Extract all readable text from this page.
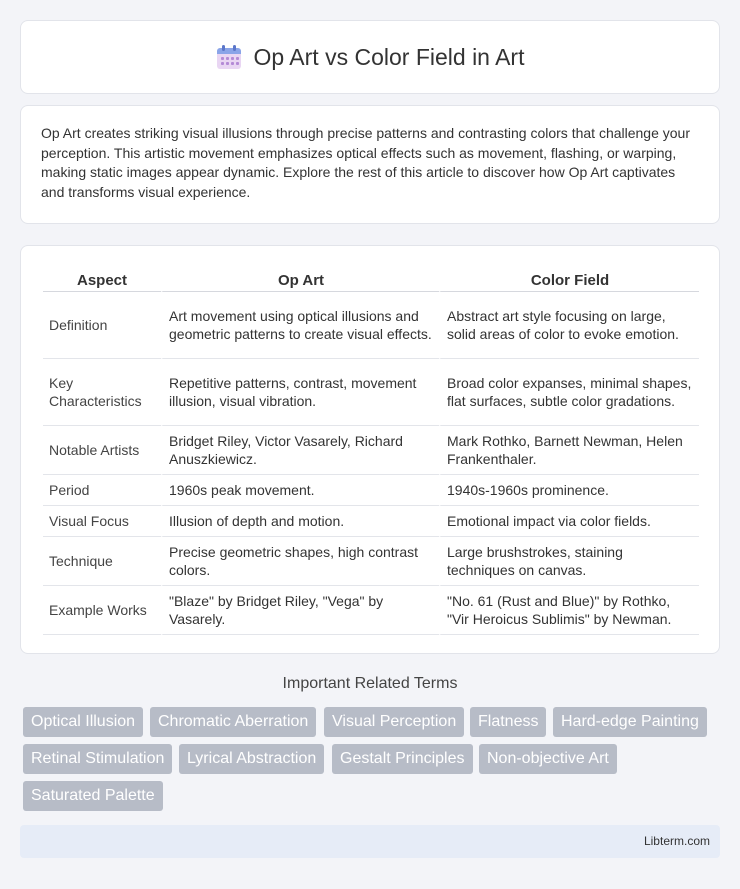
Op Art vs Color Field in Art

Op Art creates striking visual illusions through precise patterns and contrasting colors that challenge your perception. This artistic movement emphasizes optical effects such as movement, flashing, or warping, making static images appear dynamic. Explore the rest of this article to discover how Op Art captivates and transforms visual experience.

Aspect	Op Art	Color Field
Definition	Art movement using optical illusions and geometric patterns to create visual effects.	Abstract art style focusing on large, solid areas of color to evoke emotion.
Key Characteristics	Repetitive patterns, contrast, movement illusion, visual vibration.	Broad color expanses, minimal shapes, flat surfaces, subtle color gradations.
Notable Artists	Bridget Riley, Victor Vasarely, Richard Anuszkiewicz.	Mark Rothko, Barnett Newman, Helen Frankenthaler.
Period	1960s peak movement.	1940s-1960s prominence.
Visual Focus	Illusion of depth and motion.	Emotional impact via color fields.
Technique	Precise geometric shapes, high contrast colors.	Large brushstrokes, staining techniques on canvas.
Example Works	"Blaze" by Bridget Riley, "Vega" by Vasarely.	"No. 61 (Rust and Blue)" by Rothko, "Vir Heroicus Sublimis" by Newman.
Important Related Terms
Optical Illusion	Chromatic Aberration	Visual Perception	Flatness	Hard-edge Painting
Retinal Stimulation	Lyrical Abstraction	Gestalt Principles	Non-objective Art
Saturated Palette
Libterm.com
